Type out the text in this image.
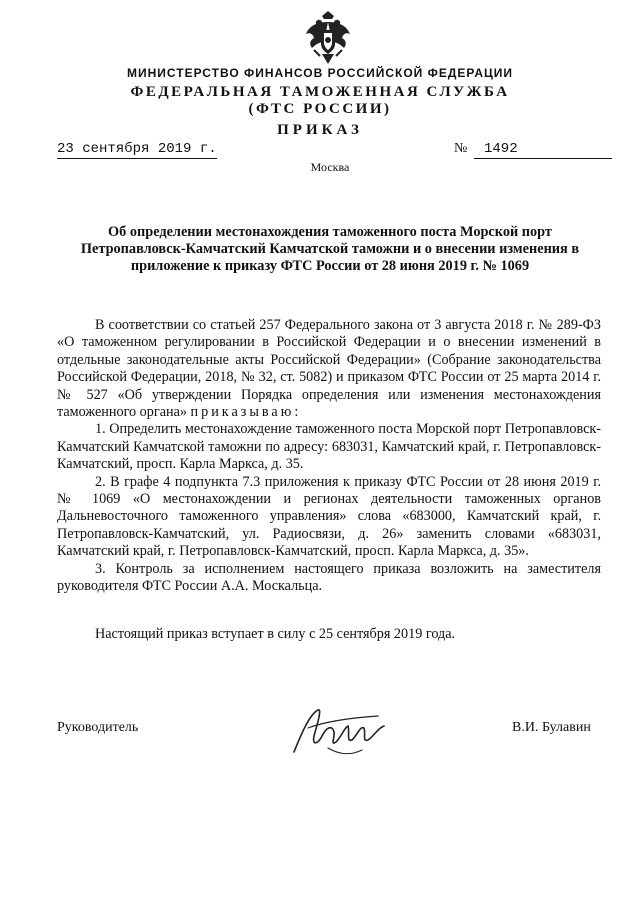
МИНИСТЕРСТВО ФИНАНСОВ РОССИЙСКОЙ ФЕДЕРАЦИИ
ФЕДЕРАЛЬНАЯ ТАМОЖЕННАЯ СЛУЖБА
(ФТС РОССИИ)
ПРИКАЗ
23 сентября 2019 г.	№	1492
Москва
Об определении местонахождения таможенного поста Морской порт Петропавловск-Камчатский Камчатской таможни и о внесении изменения в приложение к приказу ФТС России от 28 июня 2019 г. № 1069

В соответствии со статьей 257 Федерального закона от 3 августа 2018 г. № 289-ФЗ «О таможенном регулировании в Российской Федерации и о внесении изменений в отдельные законодательные акты Российской Федерации» (Собрание законодательства Российской Федерации, 2018, № 32, ст. 5082) и приказом ФТС России от 25 марта 2014 г. № 527 «Об утверждении Порядка определения или изменения местонахождения таможенного органа» приказываю:

1. Определить местонахождение таможенного поста Морской порт Петропавловск-Камчатский Камчатской таможни по адресу: 683031, Камчатский край, г. Петропавловск-Камчатский, просп. Карла Маркса, д. 35.

2. В графе 4 подпункта 7.3 приложения к приказу ФТС России от 28 июня 2019 г. № 1069 «О местонахождении и регионах деятельности таможенных органов Дальневосточного таможенного управления» слова «683000, Камчатский край, г. Петропавловск-Камчатский, ул. Радиосвязи, д. 26» заменить словами «683031, Камчатский край, г. Петропавловск-Камчатский, просп. Карла Маркса, д. 35».

3. Контроль за исполнением настоящего приказа возложить на заместителя руководителя ФТС России А.А. Москальца.

Настоящий приказ вступает в силу с 25 сентября 2019 года.

Руководитель	В.И. Булавин
